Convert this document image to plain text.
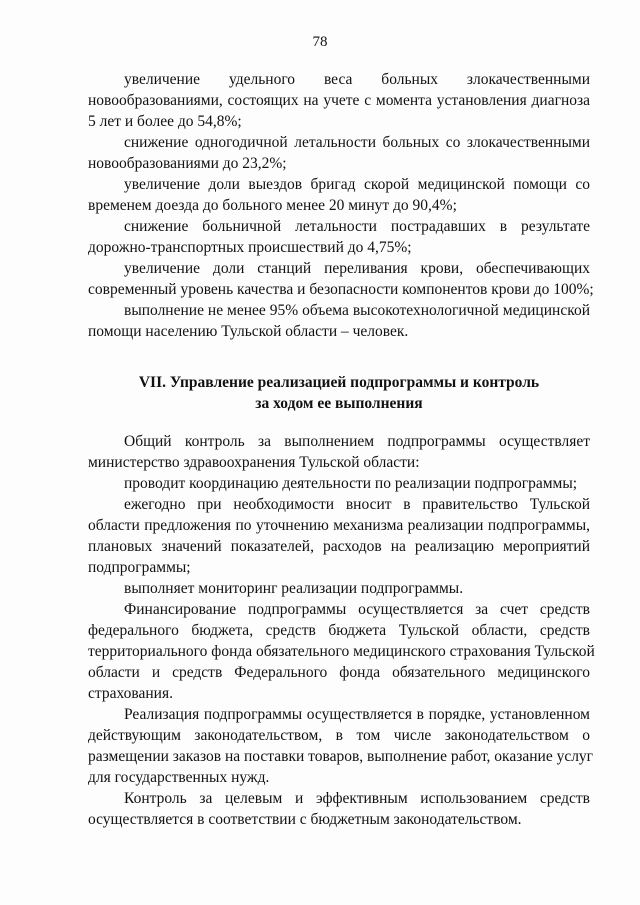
78
увеличение удельного веса больных злокачественными
новообразованиями, состоящих на учете с момента установления диагноза
5 лет и более до 54,8%;
снижение одногодичной летальности больных со злокачественными
новообразованиями до 23,2%;
увеличение доли выездов бригад скорой медицинской помощи со
временем доезда до больного менее 20 минут до 90,4%;
снижение больничной летальности пострадавших в результате
дорожно-транспортных происшествий до 4,75%;
увеличение доли станций переливания крови, обеспечивающих
современный уровень качества и безопасности компонентов крови до 100%;
выполнение не менее 95% объема высокотехнологичной медицинской
помощи населению Тульской области – человек.
VII. Управление реализацией подпрограммы и контроль
за ходом ее выполнения
Общий контроль за выполнением подпрограммы осуществляет
министерство здравоохранения Тульской области:
проводит координацию деятельности по реализации подпрограммы;
ежегодно при необходимости вносит в правительство Тульской
области предложения по уточнению механизма реализации подпрограммы,
плановых значений показателей, расходов на реализацию мероприятий
подпрограммы;
выполняет мониторинг реализации подпрограммы.
Финансирование подпрограммы осуществляется за счет средств
федерального бюджета, средств бюджета Тульской области, средств
территориального фонда обязательного медицинского страхования Тульской
области и средств Федерального фонда обязательного медицинского
страхования.
Реализация подпрограммы осуществляется в порядке, установленном
действующим законодательством, в том числе законодательством о
размещении заказов на поставки товаров, выполнение работ, оказание услуг
для государственных нужд.
Контроль за целевым и эффективным использованием средств
осуществляется в соответствии с бюджетным законодательством.
